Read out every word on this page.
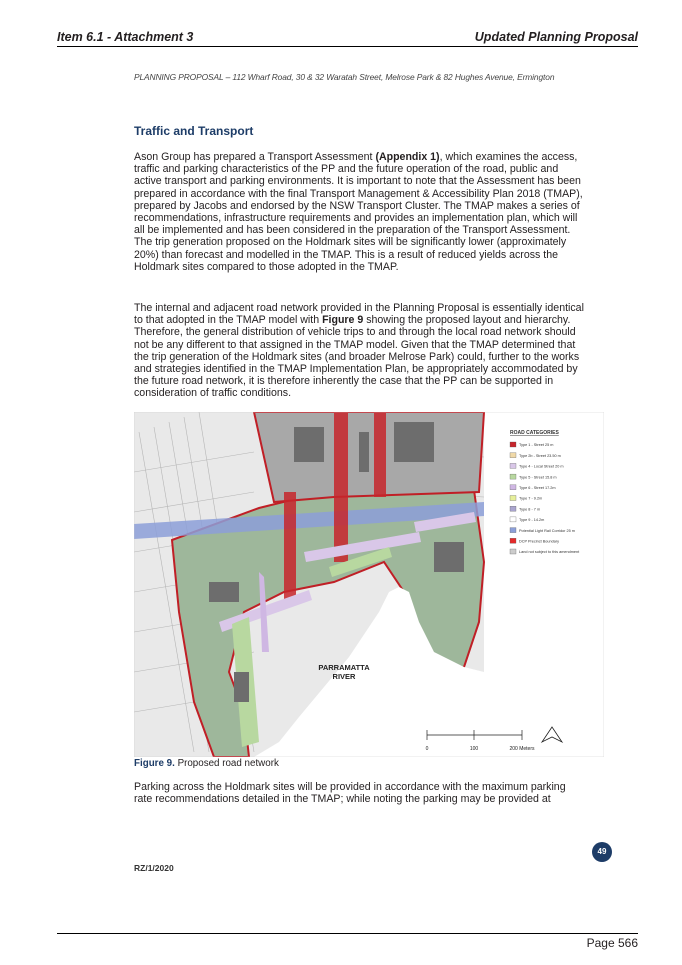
Item 6.1 - Attachment 3	Updated Planning Proposal
PLANNING PROPOSAL – 112 Wharf Road, 30 & 32 Waratah Street, Melrose Park & 82 Hughes Avenue, Ermington
Traffic and Transport

Ason Group has prepared a Transport Assessment (Appendix 1), which examines the access, traffic and parking characteristics of the PP and the future operation of the road, public and active transport and parking environments. It is important to note that the Assessment has been prepared in accordance with the final Transport Management & Accessibility Plan 2018 (TMAP), prepared by Jacobs and endorsed by the NSW Transport Cluster. The TMAP makes a series of recommendations, infrastructure requirements and provides an implementation plan, which will all be implemented and has been considered in the preparation of the Transport Assessment.
The trip generation proposed on the Holdmark sites will be significantly lower (approximately 20%) than forecast and modelled in the TMAP. This is a result of reduced yields across the Holdmark sites compared to those adopted in the TMAP.

The internal and adjacent road network provided in the Planning Proposal is essentially identical to that adopted in the TMAP model with Figure 9 showing the proposed layout and hierarchy. Therefore, the general distribution of vehicle trips to and through the local road network should not be any different to that assigned in the TMAP model. Given that the TMAP determined that the trip generation of the Holdmark sites (and broader Melrose Park) could, further to the works and strategies identified in the TMAP Implementation Plan, be appropriately accommodated by the future road network, it is therefore inherently the case that the PP can be supported in consideration of traffic conditions.

PARRAMATTA
RIVER
ROAD CATEGORIES
Type 1 - Street 25 m
Type 2b - Street 23.50 m
Type 4 - Local Street 20 m
Type 5 - Street 15.8 m
Type 6 - Street 17.2m
Type 7 - 9.2m
Type 8 - 7 m
Type 9 - 14.2m
Potential Light Rail Corridor 25 m
DCP Precinct Boundary
Land not subject to this amendment
0	100	200 Meters
Figure 9. Proposed road network

Parking across the Holdmark sites will be provided in accordance with the maximum parking rate recommendations detailed in the TMAP; while noting the parking may be provided at

RZ/1/2020
49
Page 566
